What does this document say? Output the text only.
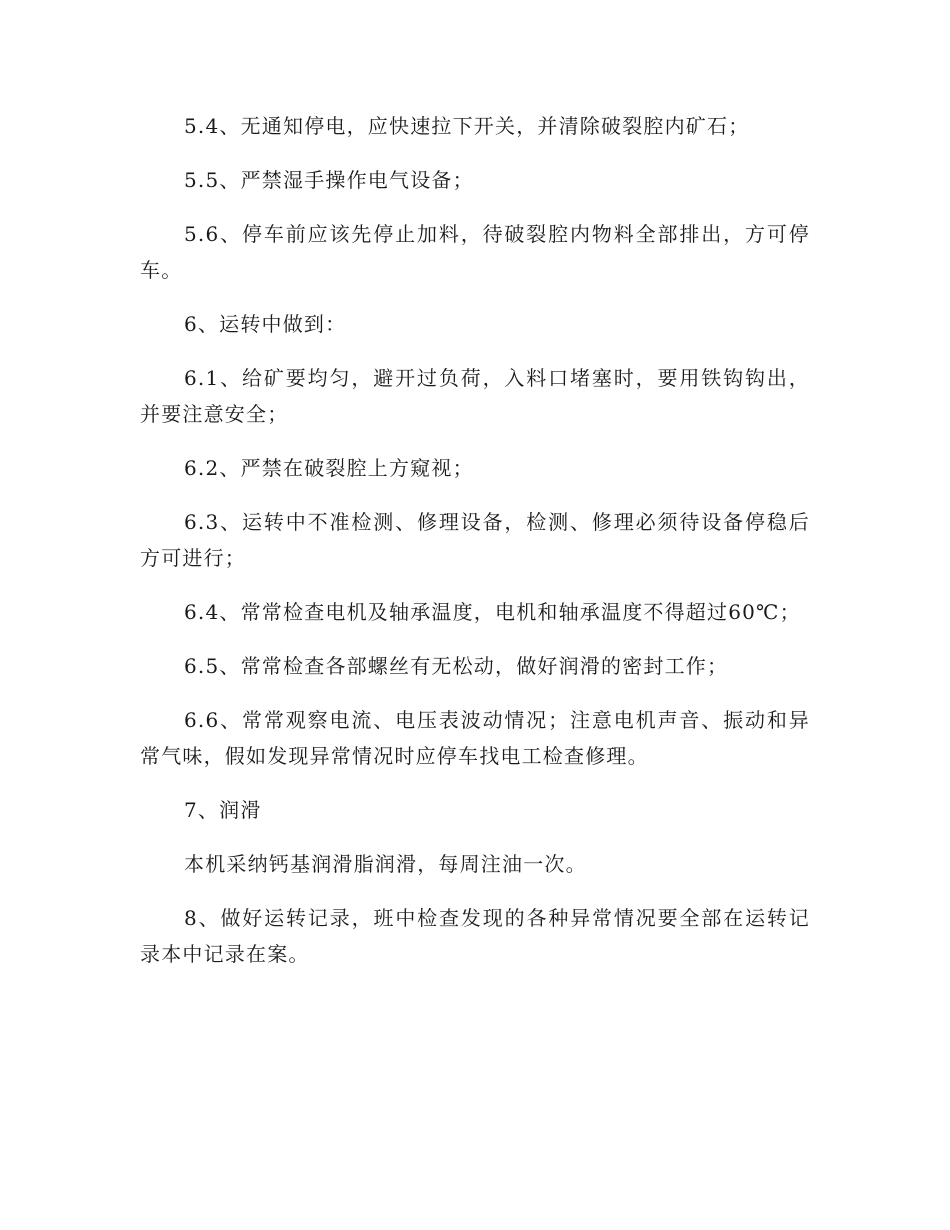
5.4、无通知停电，应快速拉下开关，并清除破裂腔内矿石；

5.5、严禁湿手操作电气设备；

5.6、停车前应该先停止加料，待破裂腔内物料全部排出，方可停车。

6、运转中做到：

6.1、给矿要均匀，避开过负荷，入料口堵塞时，要用铁钩钩出，并要注意安全；

6.2、严禁在破裂腔上方窥视；

6.3、运转中不准检测、修理设备，检测、修理必须待设备停稳后方可进行；

6.4、常常检查电机及轴承温度，电机和轴承温度不得超过60℃；

6.5、常常检查各部螺丝有无松动，做好润滑的密封工作；

6.6、常常观察电流、电压表波动情况；注意电机声音、振动和异常气味，假如发现异常情况时应停车找电工检查修理。

7、润滑

本机采纳钙基润滑脂润滑，每周注油一次。

8、做好运转记录，班中检查发现的各种异常情况要全部在运转记录本中记录在案。
